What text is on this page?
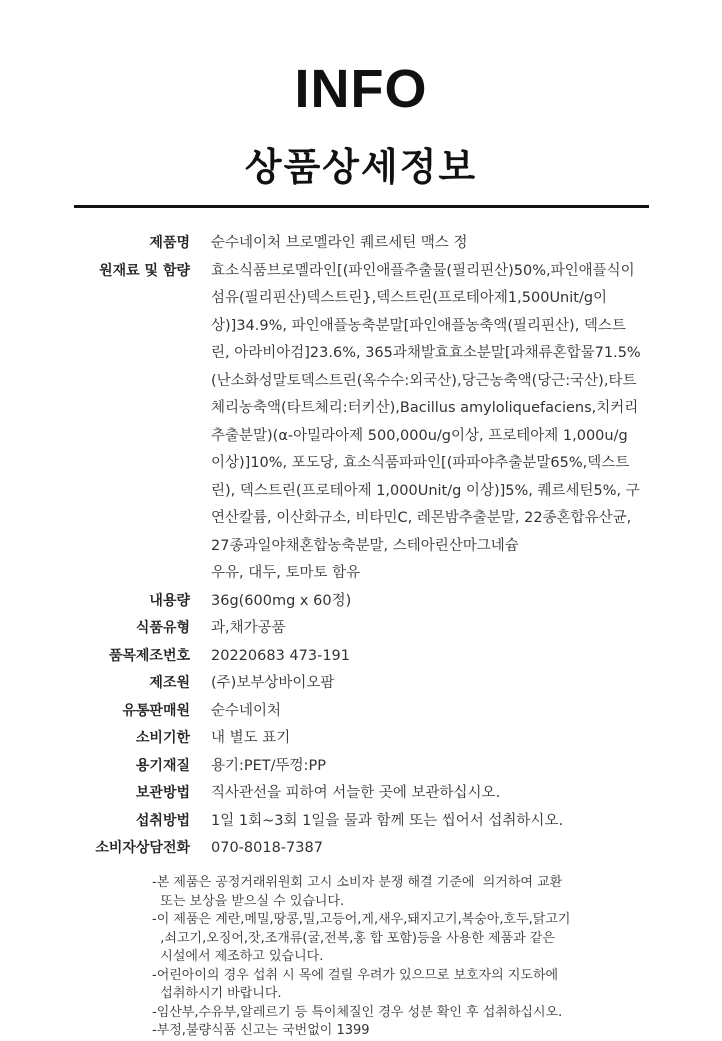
INFO
상품상세정보
제품명 순수네이처 브로멜라인 퀘르세틴 맥스 정
원재료 및 함량 효소식품브로멜라인[(파인애플추출물(필리핀산)50%,파인애플식이
섬유(필리핀산)덱스트린},덱스트린(프로테아제1,500Unit/g이
상)]34.9%, 파인애플농축분말[파인애플농축액(필리핀산), 덱스트
린, 아라비아검]23.6%, 365과채발효효소분말[과채류혼합물71.5%
(난소화성말토덱스트린(옥수수:외국산),당근농축액(당근:국산),타트
체리농축액(타트체리:터키산),Bacillus amyloliquefaciens,치커리
추출분말)(α-아밀라아제 500,000u/g이상, 프로테아제 1,000u/g
이상)]10%, 포도당, 효소식품파파인[(파파야추출분말65%,덱스트
린), 덱스트린(프로테아제 1,000Unit/g 이상)]5%, 퀘르세틴5%, 구
연산칼륨, 이산화규소, 비타민C, 레몬밤추출분말, 22종혼합유산균,
27종과일야채혼합농축분말, 스테아린산마그네슘
우유, 대두, 토마토 함유
내용량 36g(600mg x 60정)
식품유형 과,채가공품
품목제조번호 20220683 473-191
제조원 (주)보부상바이오팜
유통판매원 순수네이처
소비기한 내 별도 표기
용기재질 용기:PET/뚜껑:PP
보관방법 직사관선을 피하여 서늘한 곳에 보관하십시오.
섭취방법 1일 1회~3회 1일을 물과 함께 또는 씹어서 섭취하시오.
소비자상담전화 070-8018-7387
-본 제품은 공정거래위원회 고시 소비자 분쟁 해결 기준에  의거하여 교환
또는 보상을 받으실 수 있습니다.
-이 제품은 계란,메밀,땅콩,밀,고등어,게,새우,돼지고기,복숭아,호두,닭고기
,쇠고기,오징어,잣,조개류(굴,전복,홍 합 포함)등을 사용한 제품과 같은
시설에서 제조하고 있습니다.
-어린아이의 경우 섭취 시 목에 걸릴 우려가 있으므로 보호자의 지도하에
섭취하시기 바랍니다.
-임산부,수유부,알레르기 등 특이체질인 경우 성분 확인 후 섭취하십시오.
-부정,불량식품 신고는 국번없이 1399
